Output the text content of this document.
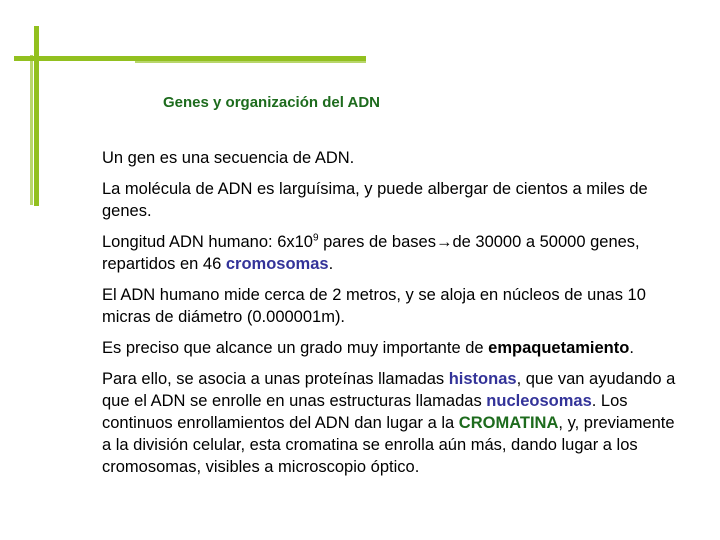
Genes y organización del ADN

Un gen es una secuencia de ADN.

La molécula de ADN es larguísima, y puede albergar de cientos a miles de genes.

Longitud ADN humano: $6x10^9$ pares de bases→de 30000 a 50000 genes, repartidos en 46 cromosomas.

El ADN humano mide cerca de 2 metros, y se aloja en núcleos de unas 10 micras de diámetro (0.000001m).

Es preciso que alcance un grado muy importante de empaquetamiento.

Para ello, se asocia a unas proteínas llamadas histonas, que van ayudando a que el ADN se enrolle en unas estructuras llamadas nucleosomas. Los continuos enrollamientos del ADN dan lugar a la CROMATINA, y, previamente a la división celular, esta cromatina se enrolla aún más, dando lugar a los cromosomas, visibles a microscopio óptico.
